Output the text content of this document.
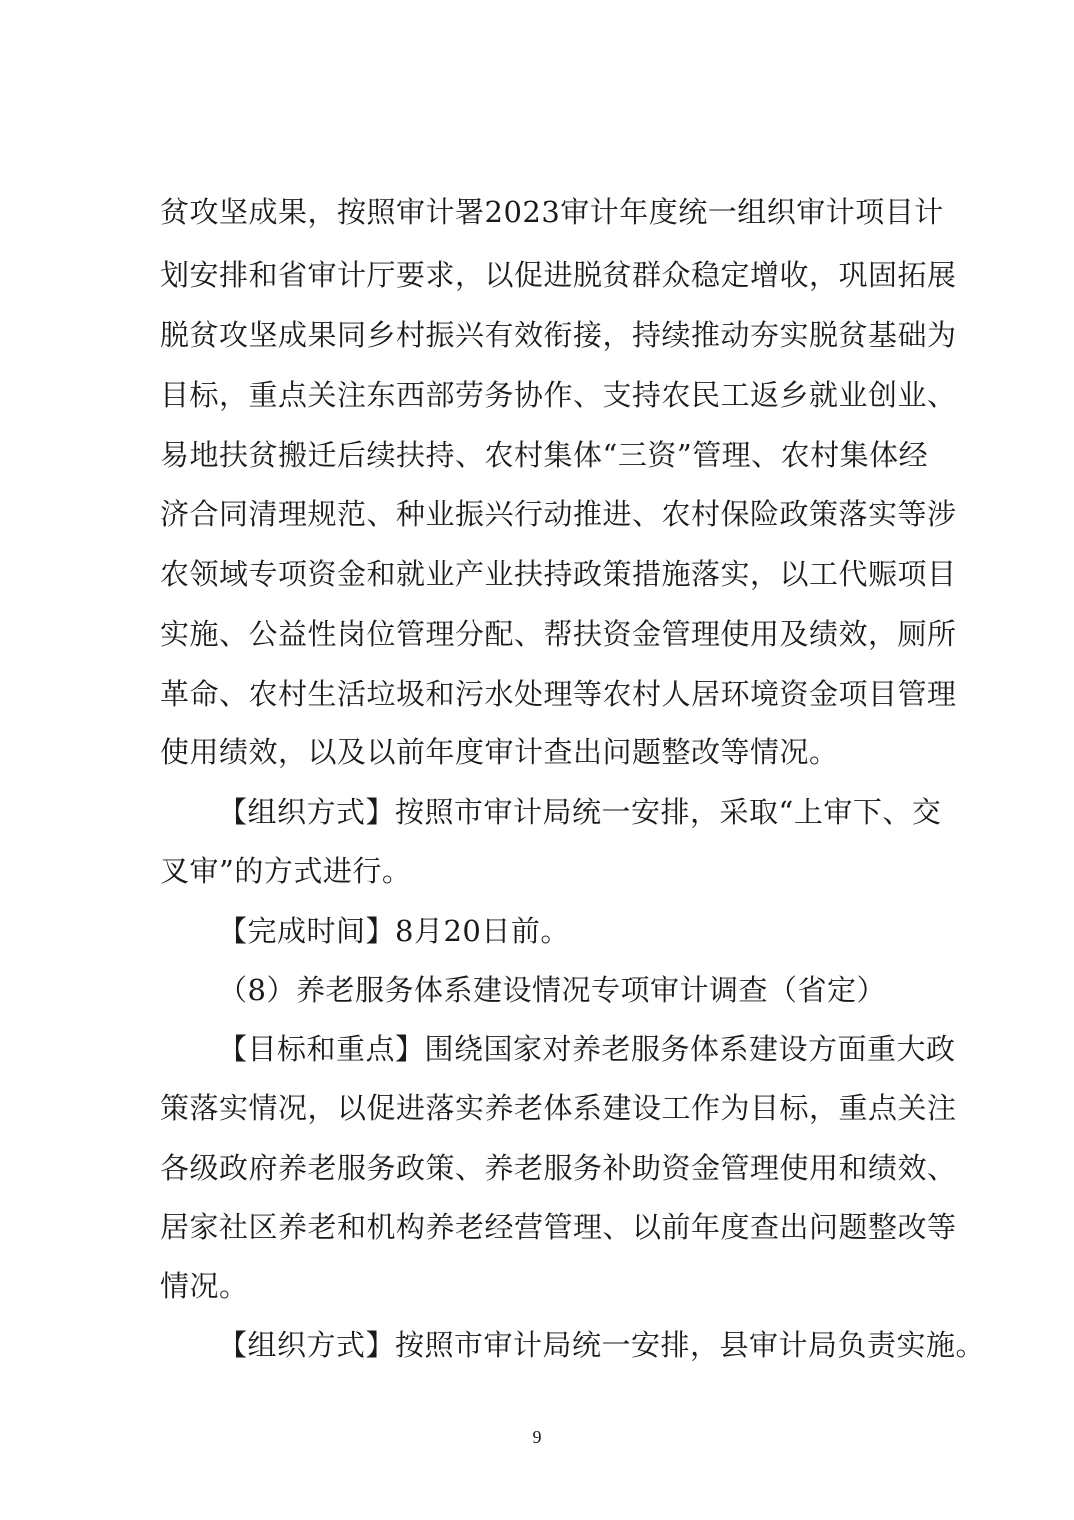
贫攻坚成果，按照审计署2023审计年度统一组织审计项目计
划安排和省审计厅要求，以促进脱贫群众稳定增收，巩固拓展
脱贫攻坚成果同乡村振兴有效衔接，持续推动夯实脱贫基础为
目标，重点关注东西部劳务协作、支持农民工返乡就业创业、
易地扶贫搬迁后续扶持、农村集体“三资”管理、农村集体经
济合同清理规范、种业振兴行动推进、农村保险政策落实等涉
农领域专项资金和就业产业扶持政策措施落实，以工代赈项目
实施、公益性岗位管理分配、帮扶资金管理使用及绩效，厕所
革命、农村生活垃圾和污水处理等农村人居环境资金项目管理
使用绩效，以及以前年度审计查出问题整改等情况。
【组织方式】按照市审计局统一安排，采取“上审下、交
叉审”的方式进行。
【完成时间】8月20日前。
（8）养老服务体系建设情况专项审计调查（省定）
【目标和重点】围绕国家对养老服务体系建设方面重大政
策落实情况，以促进落实养老体系建设工作为目标，重点关注
各级政府养老服务政策、养老服务补助资金管理使用和绩效、
居家社区养老和机构养老经营管理、以前年度查出问题整改等
情况。
【组织方式】按照市审计局统一安排，县审计局负责实施。
9
